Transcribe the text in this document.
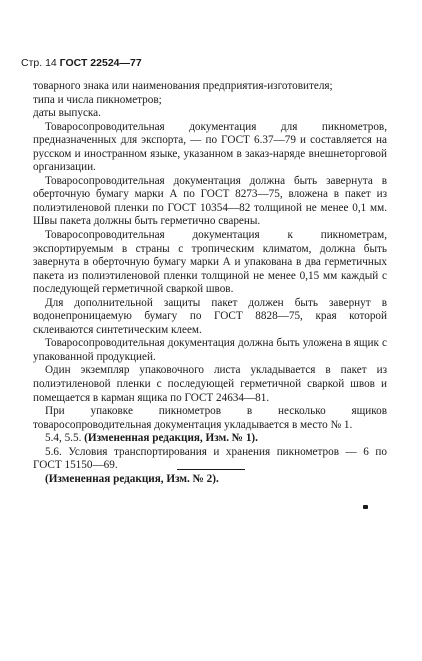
Стр. 14 ГОСТ 22524—77

товарного знака или наименования предприятия-изготовителя;

типа и числа пикнометров;

даты выпуска.

Товаросопроводительная документация для пикнометров, предназначенных для экспорта, — по ГОСТ 6.37—79 и составляется на русском и иностранном языке, указанном в заказ-наряде внешнеторговой организации.

Товаросопроводительная документация должна быть завернута в оберточную бумагу марки А по ГОСТ 8273—75, вложена в пакет из полиэтиленовой пленки по ГОСТ 10354—82 толщиной не менее 0,1 мм. Швы пакета должны быть герметично сварены.

Товаросопроводительная документация к пикнометрам, экспортируемым в страны с тропическим климатом, должна быть завернута в оберточную бумагу марки А и упакована в два герметичных пакета из полиэтиленовой пленки толщиной не менее 0,15 мм каждый с последующей герметичной сваркой швов.

Для дополнительной защиты пакет должен быть завернут в водонепроницаемую бумагу по ГОСТ 8828—75, края которой склеиваются синтетическим клеем.

Товаросопроводительная документация должна быть уложена в ящик с упакованной продукцией.

Один экземпляр упаковочного листа укладывается в пакет из полиэтиленовой пленки с последующей герметичной сваркой швов и помещается в карман ящика по ГОСТ 24634—81.

При упаковке пикнометров в несколько ящиков товаросопроводительная документация укладывается в место № 1.

5.4, 5.5. (Измененная редакция, Изм. № 1).

5.6. Условия транспортирования и хранения пикнометров — 6 по ГОСТ 15150—69.

(Измененная редакция, Изм. № 2).
